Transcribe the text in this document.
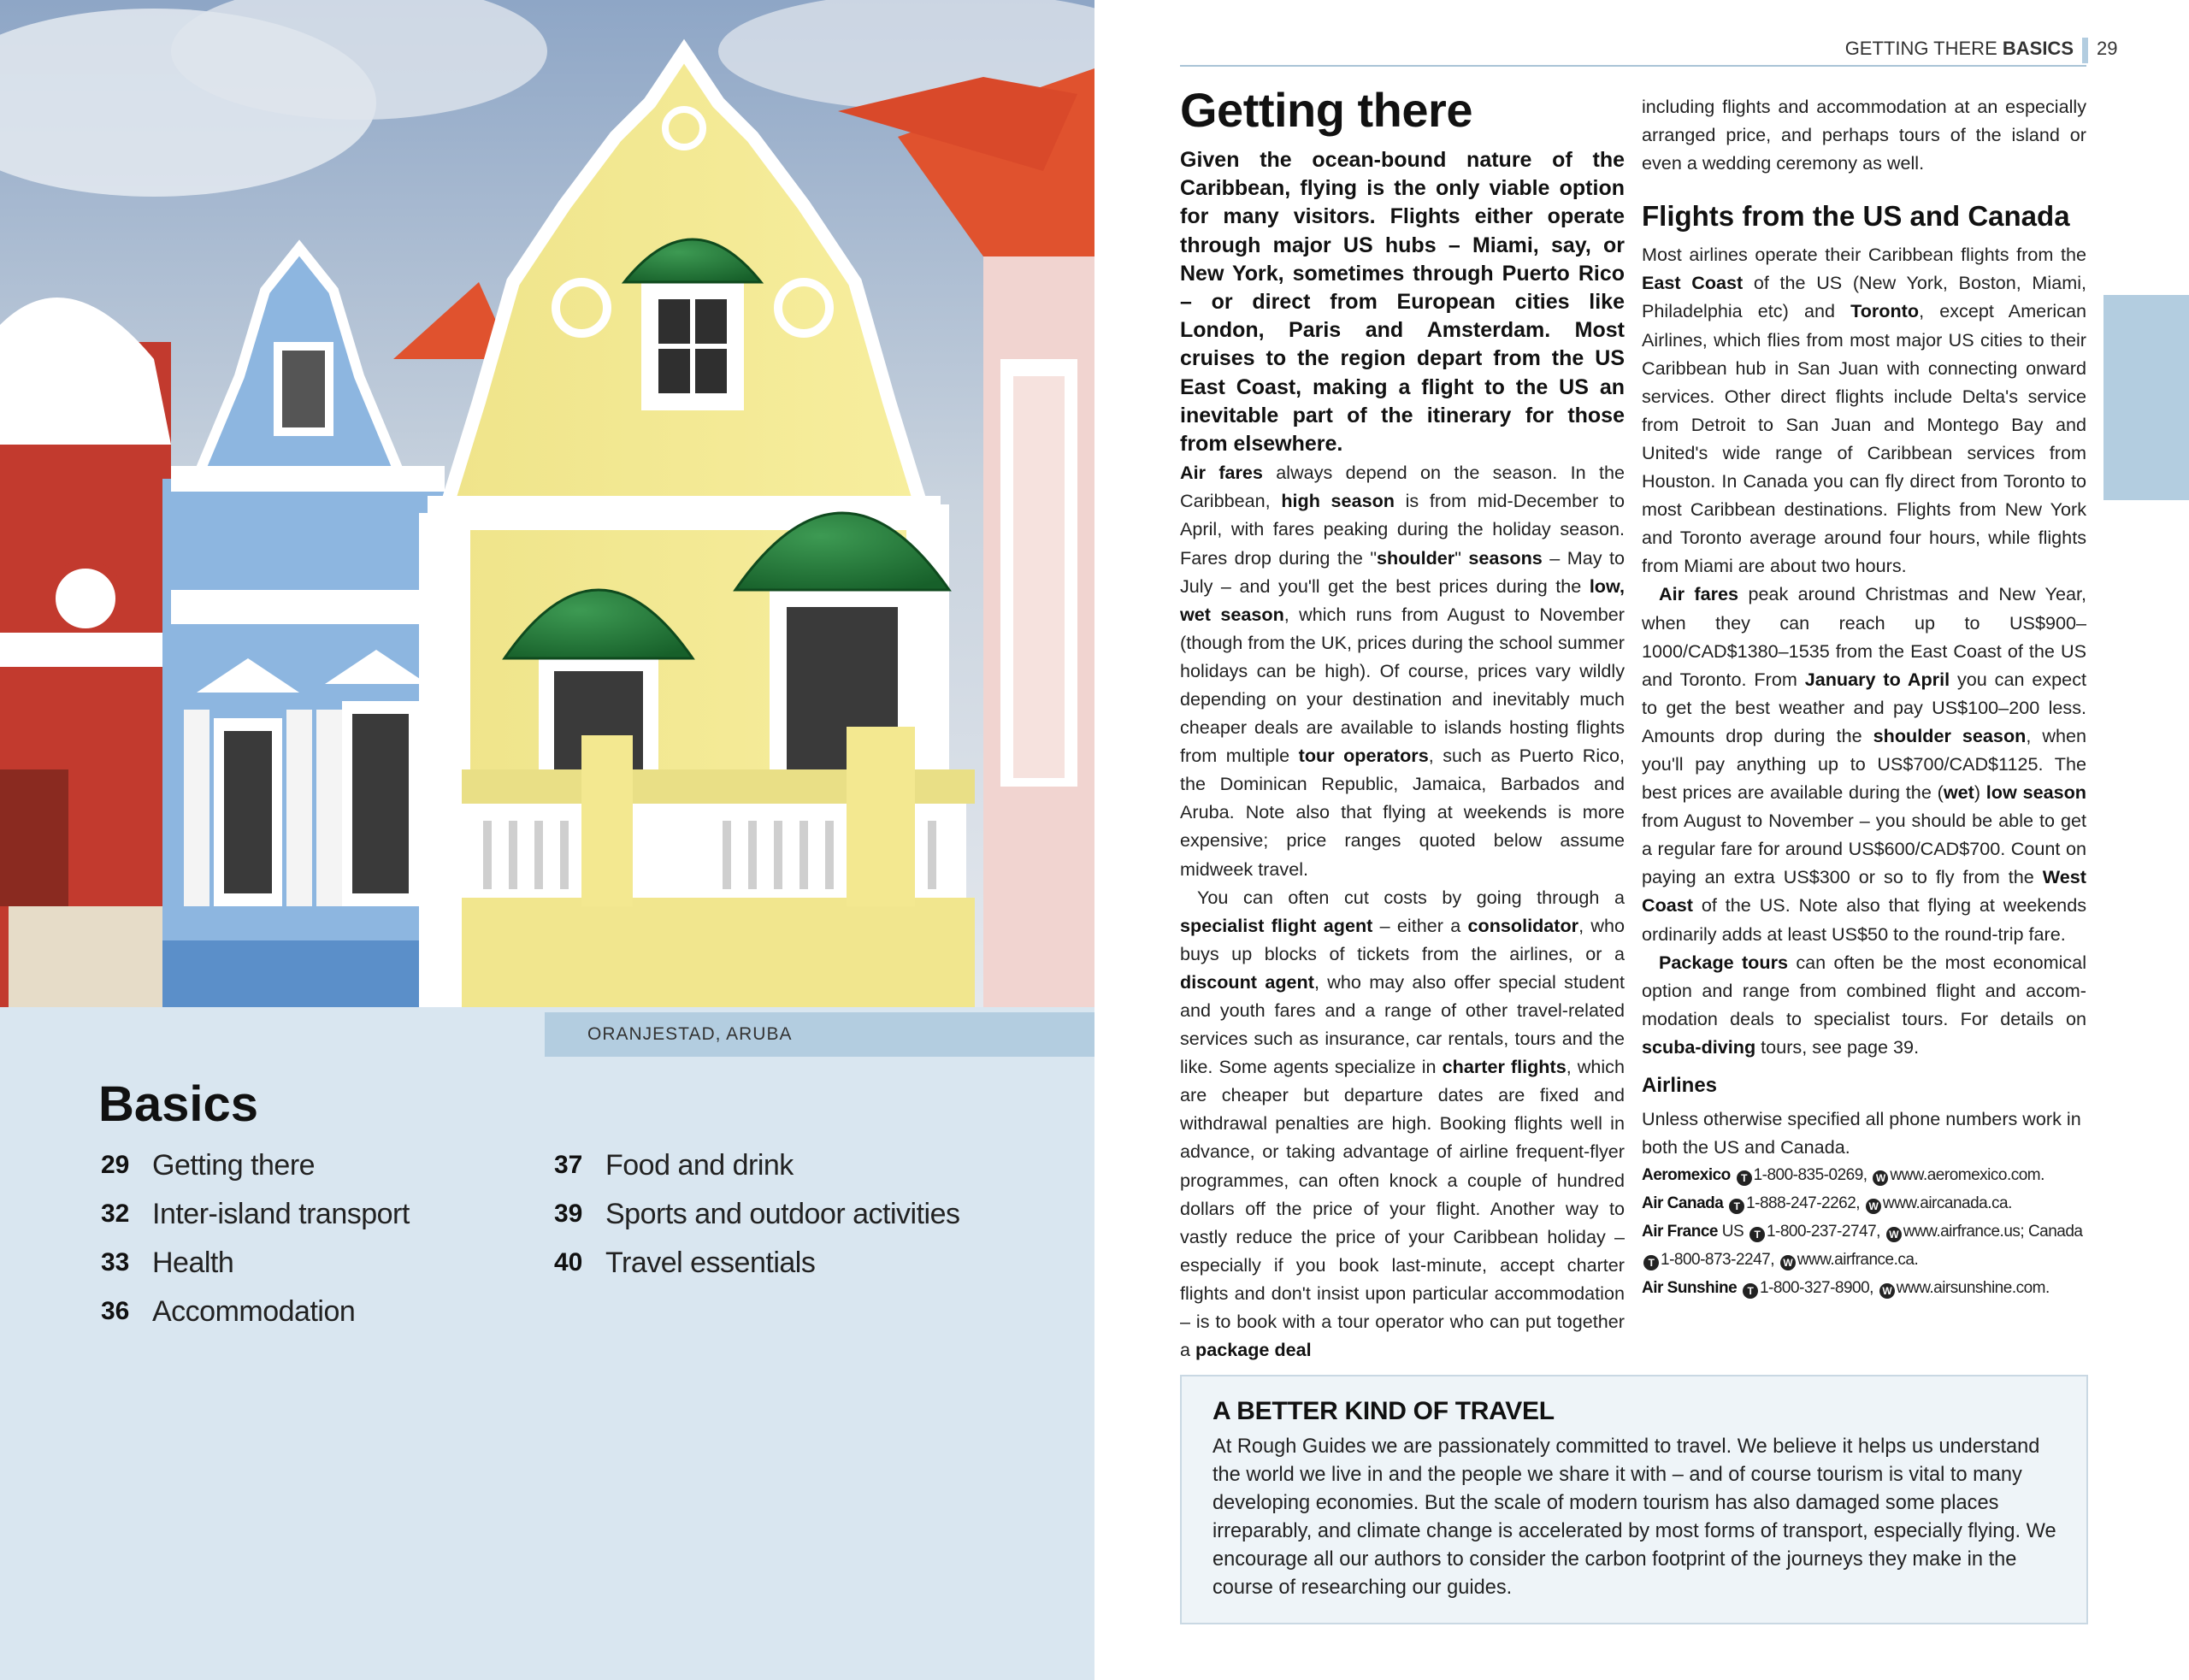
ORANJESTAD, ARUBA
Basics
29 Getting there
32 Inter-island transport
33 Health
36 Accommodation
37 Food and drink
39 Sports and outdoor activities
40 Travel essentials
GETTING THERE BASICS 29
Getting there

Given the ocean-bound nature of the Caribbean, flying is the only viable option for many visitors. Flights either operate through major US hubs – Miami, say, or New York, sometimes through Puerto Rico – or direct from European cities like London, Paris and Amsterdam. Most cruises to the region depart from the US East Coast, making a flight to the US an inevitable part of the itinerary for those from elsewhere.

Air fares always depend on the season. In the Caribbean, high season is from mid-December to April, with fares peaking during the holiday season. Fares drop during the "shoulder" seasons – May to July – and you'll get the best prices during the low, wet season, which runs from August to November (though from the UK, prices during the school summer holidays can be high). Of course, prices vary wildly depending on your destination and inevitably much cheaper deals are available to islands hosting flights from multiple tour operators, such as Puerto Rico, the Dominican Republic, Jamaica, Barbados and Aruba. Note also that flying at weekends is more expensive; price ranges quoted below assume midweek travel.

You can often cut costs by going through a specialist flight agent – either a consolidator, who buys up blocks of tickets from the airlines, or a discount agent, who may also offer special student and youth fares and a range of other travel-related services such as insurance, car rentals, tours and the like. Some agents specialize in charter flights, which are cheaper but departure dates are fixed and withdrawal penalties are high. Booking flights well in advance, or taking advantage of airline frequent-flyer programmes, can often knock a couple of hundred dollars off the price of your flight. Another way to vastly reduce the price of your Caribbean holiday – especially if you book last-minute, accept charter flights and don't insist upon particular accommodation – is to book with a tour operator who can put together a package deal

including flights and accommodation at an especially arranged price, and perhaps tours of the island or even a wedding ceremony as well.

Flights from the US and Canada

Most airlines operate their Caribbean flights from the East Coast of the US (New York, Boston, Miami, Philadelphia etc) and Toronto, except American Airlines, which flies from most major US cities to their Caribbean hub in San Juan with connecting onward services. Other direct flights include Delta's service from Detroit to San Juan and Montego Bay and United's wide range of Caribbean services from Houston. In Canada you can fly direct from Toronto to most Caribbean destinations. Flights from New York and Toronto average around four hours, while flights from Miami are about two hours.

Air fares peak around Christmas and New Year, when they can reach up to US$900–1000/CAD$1380–1535 from the East Coast of the US and Toronto. From January to April you can expect to get the best weather and pay US$100–200 less. Amounts drop during the shoulder season, when you'll pay anything up to US$700/CAD$1125. The best prices are available during the (wet) low season from August to November – you should be able to get a regular fare for around US$600/CAD$700. Count on paying an extra US$300 or so to fly from the West Coast of the US. Note also that flying at weekends ordinarily adds at least US$50 to the round-trip fare.

Package tours can often be the most economical option and range from combined flight and accommodation deals to specialist tours. For details on scuba-diving tours, see page 39.

Airlines

Unless otherwise specified all phone numbers work in both the US and Canada.

Aeromexico T 1-800-835-0269, W www.aeromexico.com.
Air Canada T 1-888-247-2262, W www.aircanada.ca.
Air France US T 1-800-237-2747, W www.airfrance.us; Canada
T 1-800-873-2247, W www.airfrance.ca.
Air Sunshine T 1-800-327-8900, W www.airsunshine.com.
A BETTER KIND OF TRAVEL

At Rough Guides we are passionately committed to travel. We believe it helps us understand the world we live in and the people we share it with – and of course tourism is vital to many developing economies. But the scale of modern tourism has also damaged some places irreparably, and climate change is accelerated by most forms of transport, especially flying. We encourage all our authors to consider the carbon footprint of the journeys they make in the course of researching our guides.
